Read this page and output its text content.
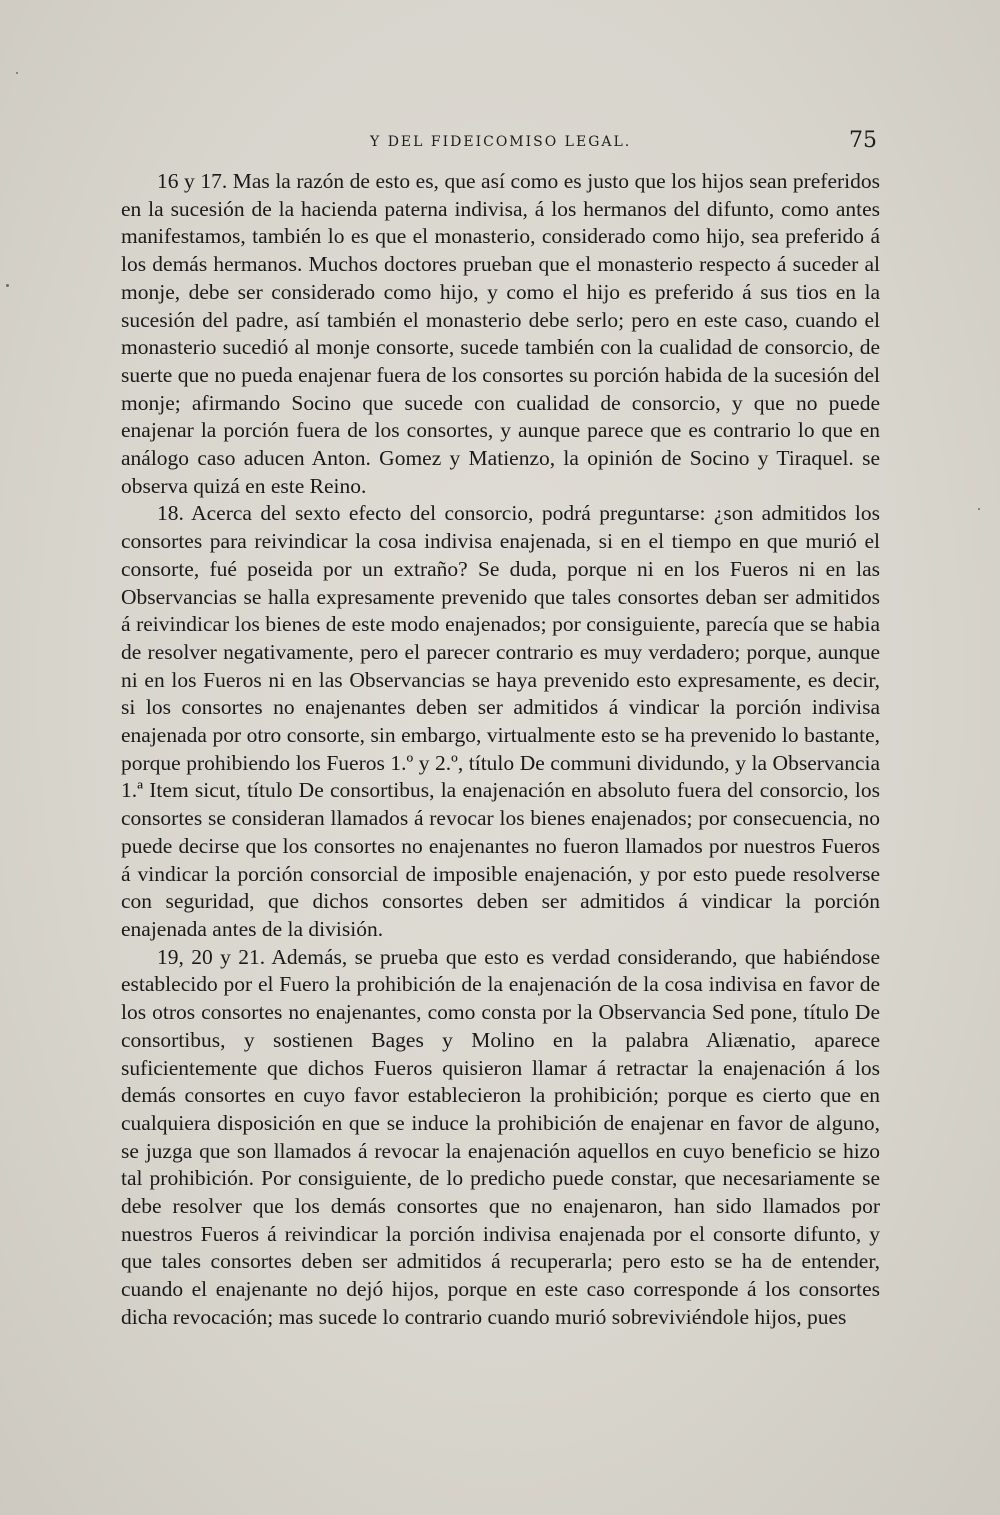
Y DEL FIDEICOMISO LEGAL.	75

16 y 17. Mas la razón de esto es, que así como es justo que los hijos sean preferidos en la sucesión de la hacienda paterna indivisa, á los hermanos del difunto, como antes manifestamos, también lo es que el monasterio, considerado como hijo, sea preferido á los demás hermanos. Muchos doctores prueban que el monasterio respecto á suceder al monje, debe ser considerado como hijo, y como el hijo es preferido á sus tios en la sucesión del padre, así también el monasterio debe serlo; pero en este caso, cuando el monasterio sucedió al monje consorte, sucede también con la cualidad de consorcio, de suerte que no pueda enajenar fuera de los consortes su porción habida de la sucesión del monje; afirmando Socino que sucede con cualidad de consorcio, y que no puede enajenar la porción fuera de los consortes, y aunque parece que es contrario lo que en análogo caso aducen Anton. Gomez y Matienzo, la opinión de Socino y Tiraquel. se observa quizá en este Reino.

18. Acerca del sexto efecto del consorcio, podrá preguntarse: ¿son admitidos los consortes para reivindicar la cosa indivisa enajenada, si en el tiempo en que murió el consorte, fué poseida por un extraño? Se duda, porque ni en los Fueros ni en las Observancias se halla expresamente prevenido que tales consortes deban ser admitidos á reivindicar los bienes de este modo enajenados; por consiguiente, parecía que se habia de resolver negativamente, pero el parecer contrario es muy verdadero; porque, aunque ni en los Fueros ni en las Observancias se haya prevenido esto expresamente, es decir, si los consortes no enajenantes deben ser admitidos á vindicar la porción indivisa enajenada por otro consorte, sin embargo, virtualmente esto se ha prevenido lo bastante, porque prohibiendo los Fueros 1.º y 2.º, título De communi dividundo, y la Observancia 1.ª Item sicut, título De consortibus, la enajenación en absoluto fuera del consorcio, los consortes se consideran llamados á revocar los bienes enajenados; por consecuencia, no puede decirse que los consortes no enajenantes no fueron llamados por nuestros Fueros á vindicar la porción consorcial de imposible enajenación, y por esto puede resolverse con seguridad, que dichos consortes deben ser admitidos á vindicar la porción enajenada antes de la división.

19, 20 y 21. Además, se prueba que esto es verdad considerando, que habiéndose establecido por el Fuero la prohibición de la enajenación de la cosa indivisa en favor de los otros consortes no enajenantes, como consta por la Observancia Sed pone, título De consortibus, y sostienen Bages y Molino en la palabra Aliænatio, aparece suficientemente que dichos Fueros quisieron llamar á retractar la enajenación á los demás consortes en cuyo favor establecieron la prohibición; porque es cierto que en cualquiera disposición en que se induce la prohibición de enajenar en favor de alguno, se juzga que son llamados á revocar la enajenación aquellos en cuyo beneficio se hizo tal prohibición. Por consiguiente, de lo predicho puede constar, que necesariamente se debe resolver que los demás consortes que no enajenaron, han sido llamados por nuestros Fueros á reivindicar la porción indivisa enajenada por el consorte difunto, y que tales consortes deben ser admitidos á recuperarla; pero esto se ha de entender, cuando el enajenante no dejó hijos, porque en este caso corresponde á los consortes dicha revocación; mas sucede lo contrario cuando murió sobreviviéndole hijos, pues
